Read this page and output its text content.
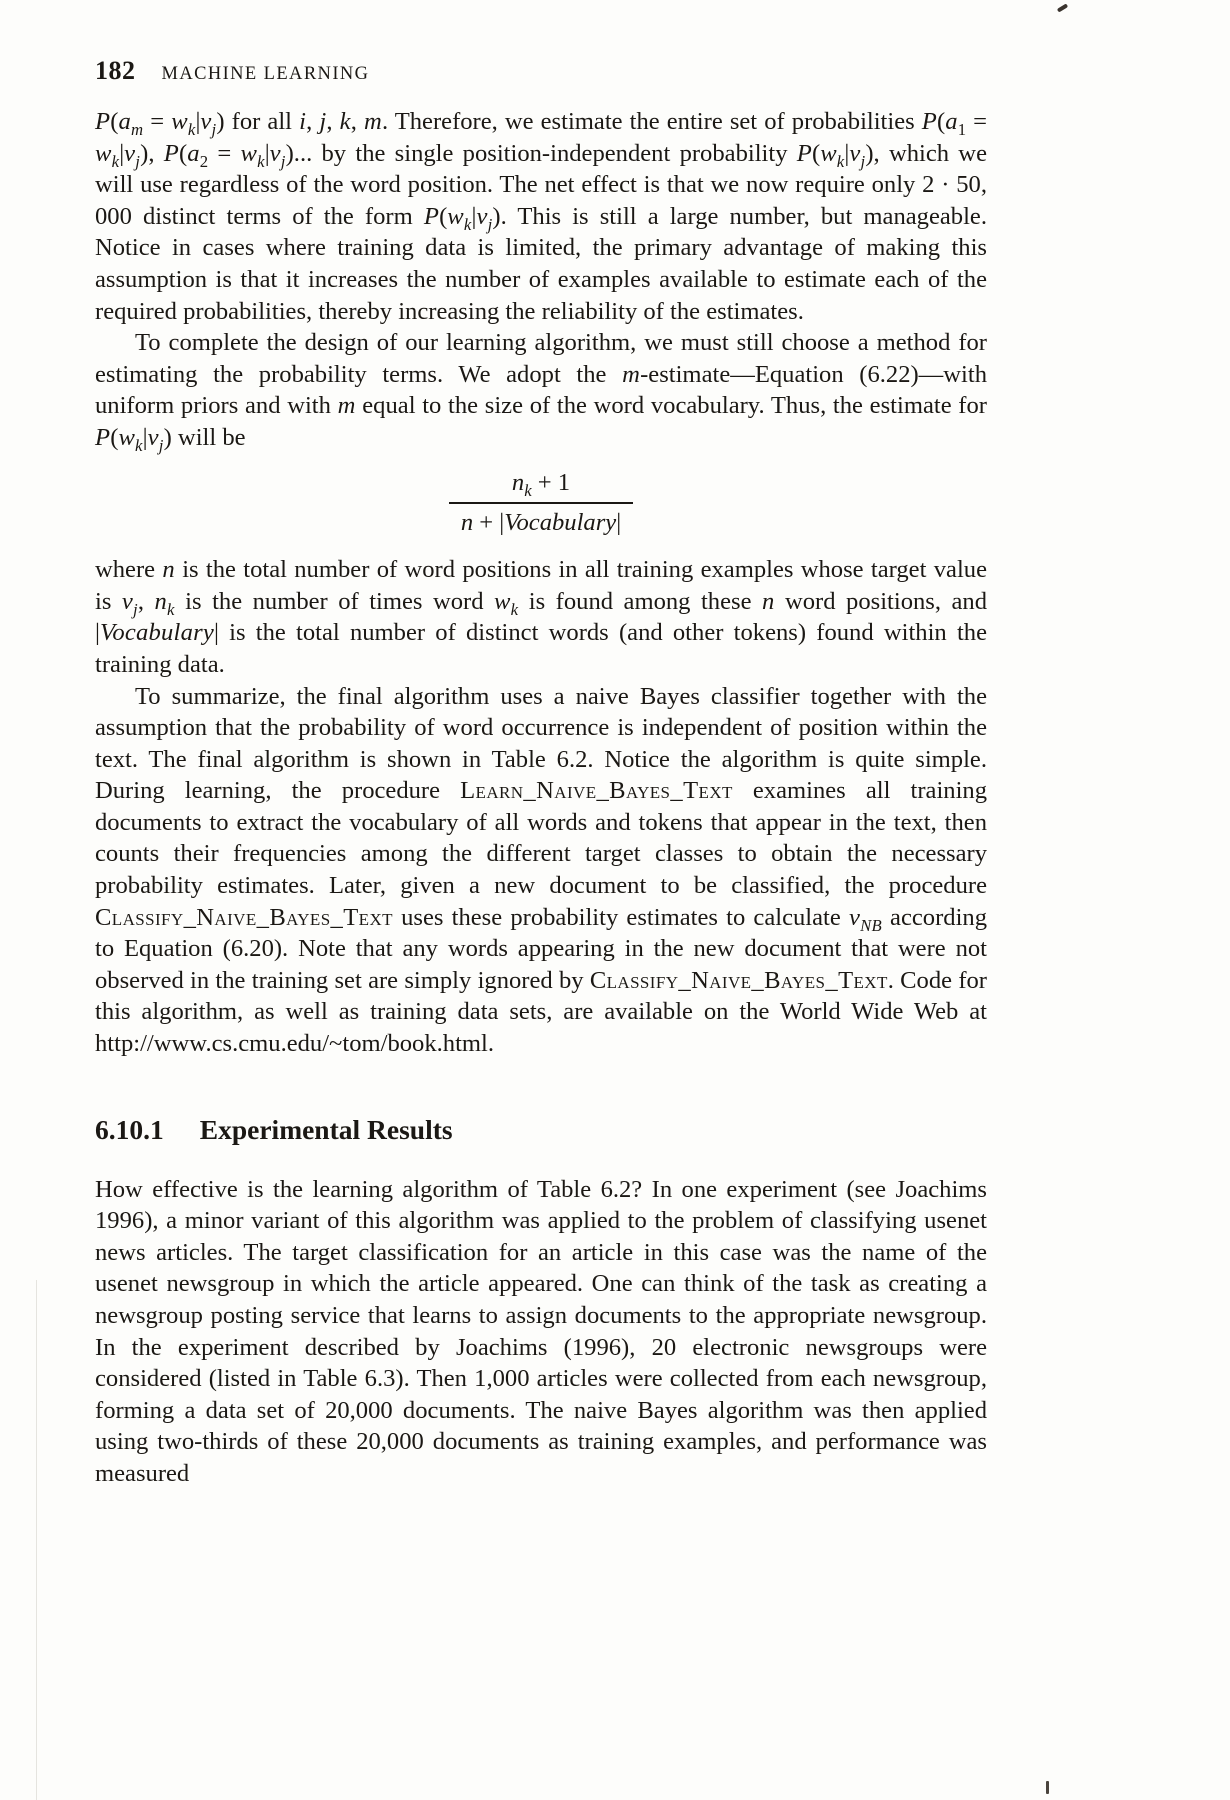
182 MACHINE LEARNING

$P(a_m = w_k|v_j)$ for all i, j, k, m. Therefore, we estimate the entire set of probabilities $P(a_1 = w_k|v_j)$, $P(a_2 = w_k|v_j)$... by the single position-independent probability $P(w_k|v_j)$, which we will use regardless of the word position. The net effect is that we now require only 2 · 50, 000 distinct terms of the form $P(w_k|v_j)$. This is still a large number, but manageable. Notice in cases where training data is limited, the primary advantage of making this assumption is that it increases the number of examples available to estimate each of the required probabilities, thereby increasing the reliability of the estimates.

To complete the design of our learning algorithm, we must still choose a method for estimating the probability terms. We adopt the m-estimate—Equation (6.22)—with uniform priors and with m equal to the size of the word vocabulary. Thus, the estimate for $P(w_k|v_j)$ will be

$\frac{n_k + 1}{\text{n + |Vocabulary|}}$

where n is the total number of word positions in all training examples whose target value is $v_j$, $n_k$ is the number of times word $w_k$ is found among these n word positions, and |Vocabulary| is the total number of distinct words (and other tokens) found within the training data.

To summarize, the final algorithm uses a naive Bayes classifier together with the assumption that the probability of word occurrence is independent of position within the text. The final algorithm is shown in Table 6.2. Notice the algorithm is quite simple. During learning, the procedure Learn_Naive_Bayes_Text examines all training documents to extract the vocabulary of all words and tokens that appear in the text, then counts their frequencies among the different target classes to obtain the necessary probability estimates. Later, given a new document to be classified, the procedure Classify_Naive_Bayes_Text uses these probability estimates to calculate $v_{NB}$ according to Equation (6.20). Note that any words appearing in the new document that were not observed in the training set are simply ignored by Classify_Naive_Bayes_Text. Code for this algorithm, as well as training data sets, are available on the World Wide Web at http://www.cs.cmu.edu/~tom/book.html.

6.10.1 Experimental Results

How effective is the learning algorithm of Table 6.2? In one experiment (see Joachims 1996), a minor variant of this algorithm was applied to the problem of classifying usenet news articles. The target classification for an article in this case was the name of the usenet newsgroup in which the article appeared. One can think of the task as creating a newsgroup posting service that learns to assign documents to the appropriate newsgroup. In the experiment described by Joachims (1996), 20 electronic newsgroups were considered (listed in Table 6.3). Then 1,000 articles were collected from each newsgroup, forming a data set of 20,000 documents. The naive Bayes algorithm was then applied using two-thirds of these 20,000 documents as training examples, and performance was measured
